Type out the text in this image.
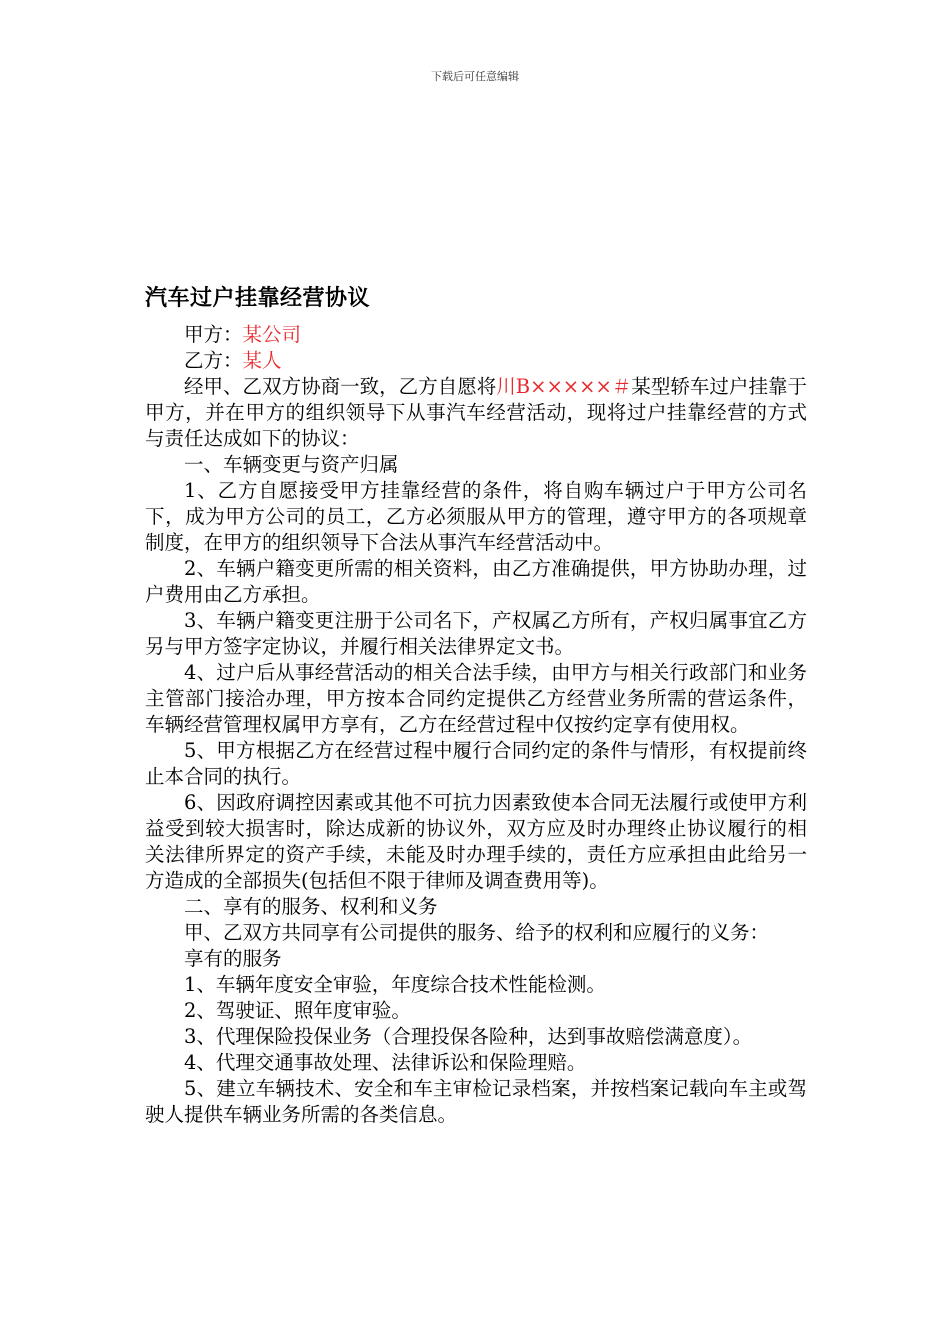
下载后可任意编辑
汽车过户挂靠经营协议

甲方：某公司

乙方：某人

经甲、乙双方协商一致，乙方自愿将川B×××××＃某型轿车过户挂靠于甲方，并在甲方的组织领导下从事汽车经营活动，现将过户挂靠经营的方式与责任达成如下的协议：

一、车辆变更与资产归属

1、乙方自愿接受甲方挂靠经营的条件，将自购车辆过户于甲方公司名下，成为甲方公司的员工，乙方必须服从甲方的管理，遵守甲方的各项规章制度，在甲方的组织领导下合法从事汽车经营活动中。

2、车辆户籍变更所需的相关资料，由乙方准确提供，甲方协助办理，过户费用由乙方承担。

3、车辆户籍变更注册于公司名下，产权属乙方所有，产权归属事宜乙方另与甲方签字定协议，并履行相关法律界定文书。

4、过户后从事经营活动的相关合法手续，由甲方与相关行政部门和业务主管部门接洽办理，甲方按本合同约定提供乙方经营业务所需的营运条件，车辆经营管理权属甲方享有，乙方在经营过程中仅按约定享有使用权。

5、甲方根据乙方在经营过程中履行合同约定的条件与情形，有权提前终止本合同的执行。

6、因政府调控因素或其他不可抗力因素致使本合同无法履行或使甲方利益受到较大损害时，除达成新的协议外，双方应及时办理终止协议履行的相关法律所界定的资产手续，未能及时办理手续的，责任方应承担由此给另一方造成的全部损失(包括但不限于律师及调查费用等)。

二、享有的服务、权利和义务

甲、乙双方共同享有公司提供的服务、给予的权利和应履行的义务：

享有的服务

1、车辆年度安全审验，年度综合技术性能检测。

2、驾驶证、照年度审验。

3、代理保险投保业务（合理投保各险种，达到事故赔偿满意度）。

4、代理交通事故处理、法律诉讼和保险理赔。

5、建立车辆技术、安全和车主审检记录档案，并按档案记载向车主或驾驶人提供车辆业务所需的各类信息。
